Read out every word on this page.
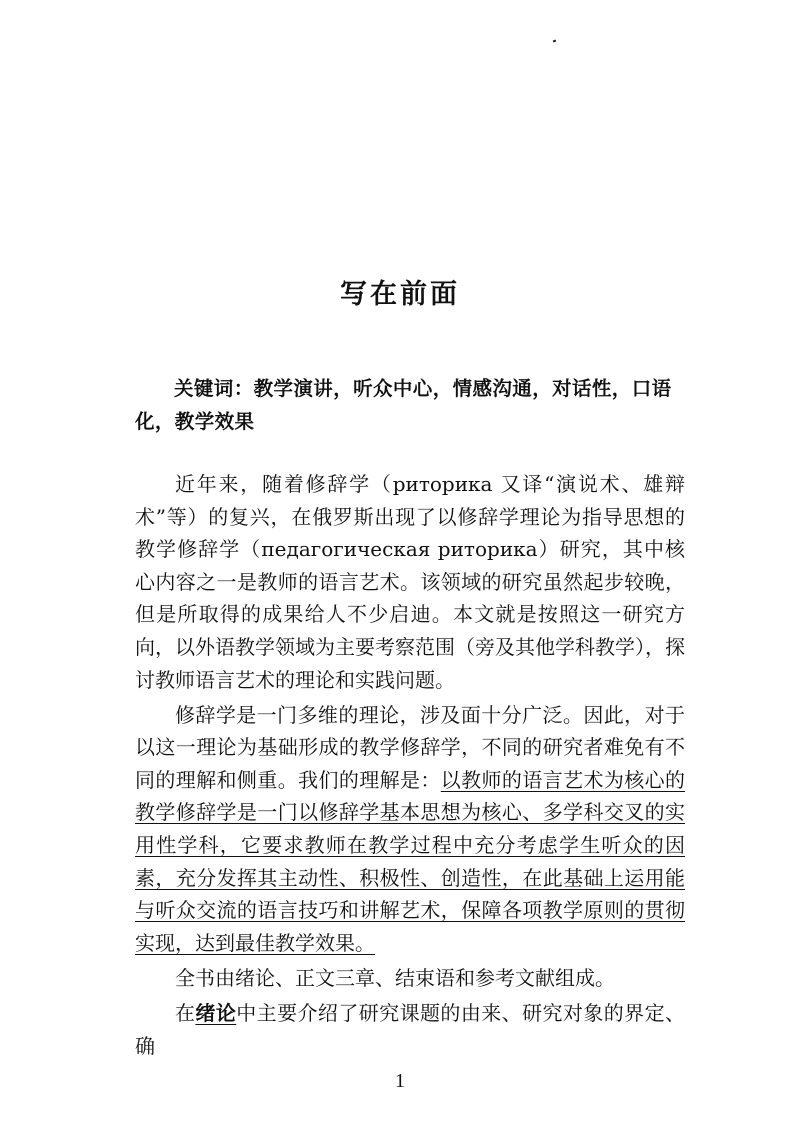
写在前面
关键词：教学演讲，听众中心，情感沟通，对话性，口语化，教学效果

近年来，随着修辞学（риторика 又译“演说术、雄辩术”等）的复兴，在俄罗斯出现了以修辞学理论为指导思想的教学修辞学（педагогическая риторика）研究，其中核心内容之一是教师的语言艺术。该领域的研究虽然起步较晚，但是所取得的成果给人不少启迪。本文就是按照这一研究方向，以外语教学领域为主要考察范围（旁及其他学科教学），探讨教师语言艺术的理论和实践问题。

修辞学是一门多维的理论，涉及面十分广泛。因此，对于以这一理论为基础形成的教学修辞学，不同的研究者难免有不同的理解和侧重。我们的理解是：以教师的语言艺术为核心的教学修辞学是一门以修辞学基本思想为核心、多学科交叉的实用性学科，它要求教师在教学过程中充分考虑学生听众的因素，充分发挥其主动性、积极性、创造性，在此基础上运用能与听众交流的语言技巧和讲解艺术，保障各项教学原则的贯彻实现，达到最佳教学效果。

全书由绪论、正文三章、结束语和参考文献组成。

在绪论中主要介绍了研究课题的由来、研究对象的界定、确

1
